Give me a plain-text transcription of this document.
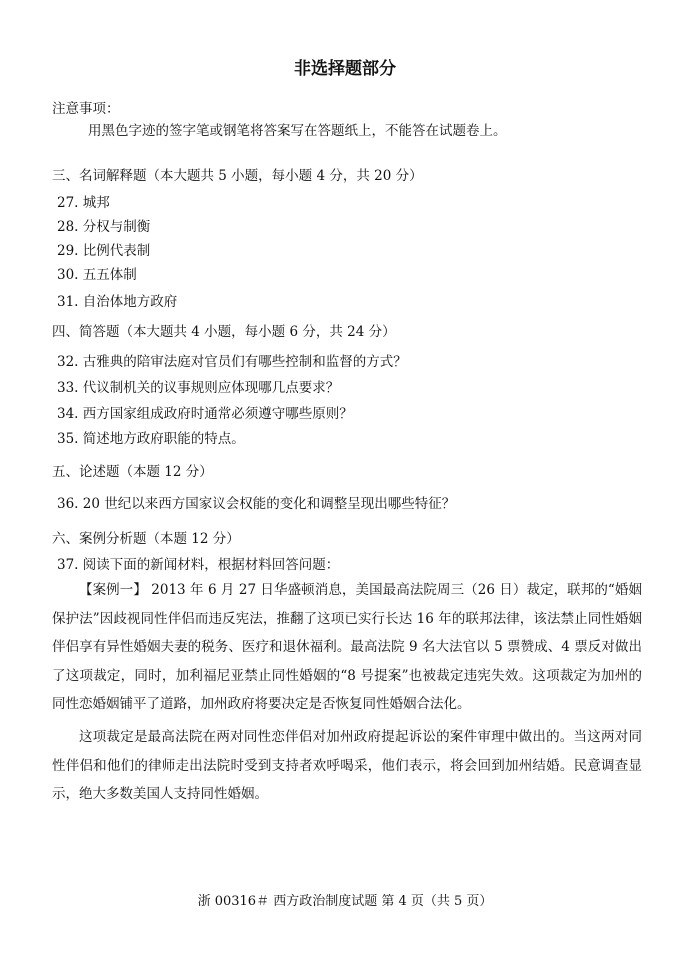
非选择题部分
注意事项：
用黑色字迹的签字笔或钢笔将答案写在答题纸上，不能答在试题卷上。
三、名词解释题（本大题共 5 小题，每小题 4 分，共 20 分）
27. 城邦
28. 分权与制衡
29. 比例代表制
30. 五五体制
31. 自治体地方政府
四、简答题（本大题共 4 小题，每小题 6 分，共 24 分）
32. 古雅典的陪审法庭对官员们有哪些控制和监督的方式？
33. 代议制机关的议事规则应体现哪几点要求？
34. 西方国家组成政府时通常必须遵守哪些原则？
35. 简述地方政府职能的特点。
五、论述题（本题 12 分）
36. 20 世纪以来西方国家议会权能的变化和调整呈现出哪些特征？
六、案例分析题（本题 12 分）
37. 阅读下面的新闻材料，根据材料回答问题：

【案例一】 2013 年 6 月 27 日华盛顿消息，美国最高法院周三（26 日）裁定，联邦的“婚姻保护法”因歧视同性伴侣而违反宪法，推翻了这项已实行长达 16 年的联邦法律，该法禁止同性婚姻伴侣享有异性婚姻夫妻的税务、医疗和退休福利。最高法院 9 名大法官以 5 票赞成、4 票反对做出了这项裁定，同时，加利福尼亚禁止同性婚姻的“8 号提案”也被裁定违宪失效。这项裁定为加州的同性恋婚姻铺平了道路，加州政府将要决定是否恢复同性婚姻合法化。

这项裁定是最高法院在两对同性恋伴侣对加州政府提起诉讼的案件审理中做出的。当这两对同性伴侣和他们的律师走出法院时受到支持者欢呼喝采，他们表示，将会回到加州结婚。民意调查显示，绝大多数美国人支持同性婚姻。

浙 00316＃ 西方政治制度试题 第 4 页（共 5 页）
